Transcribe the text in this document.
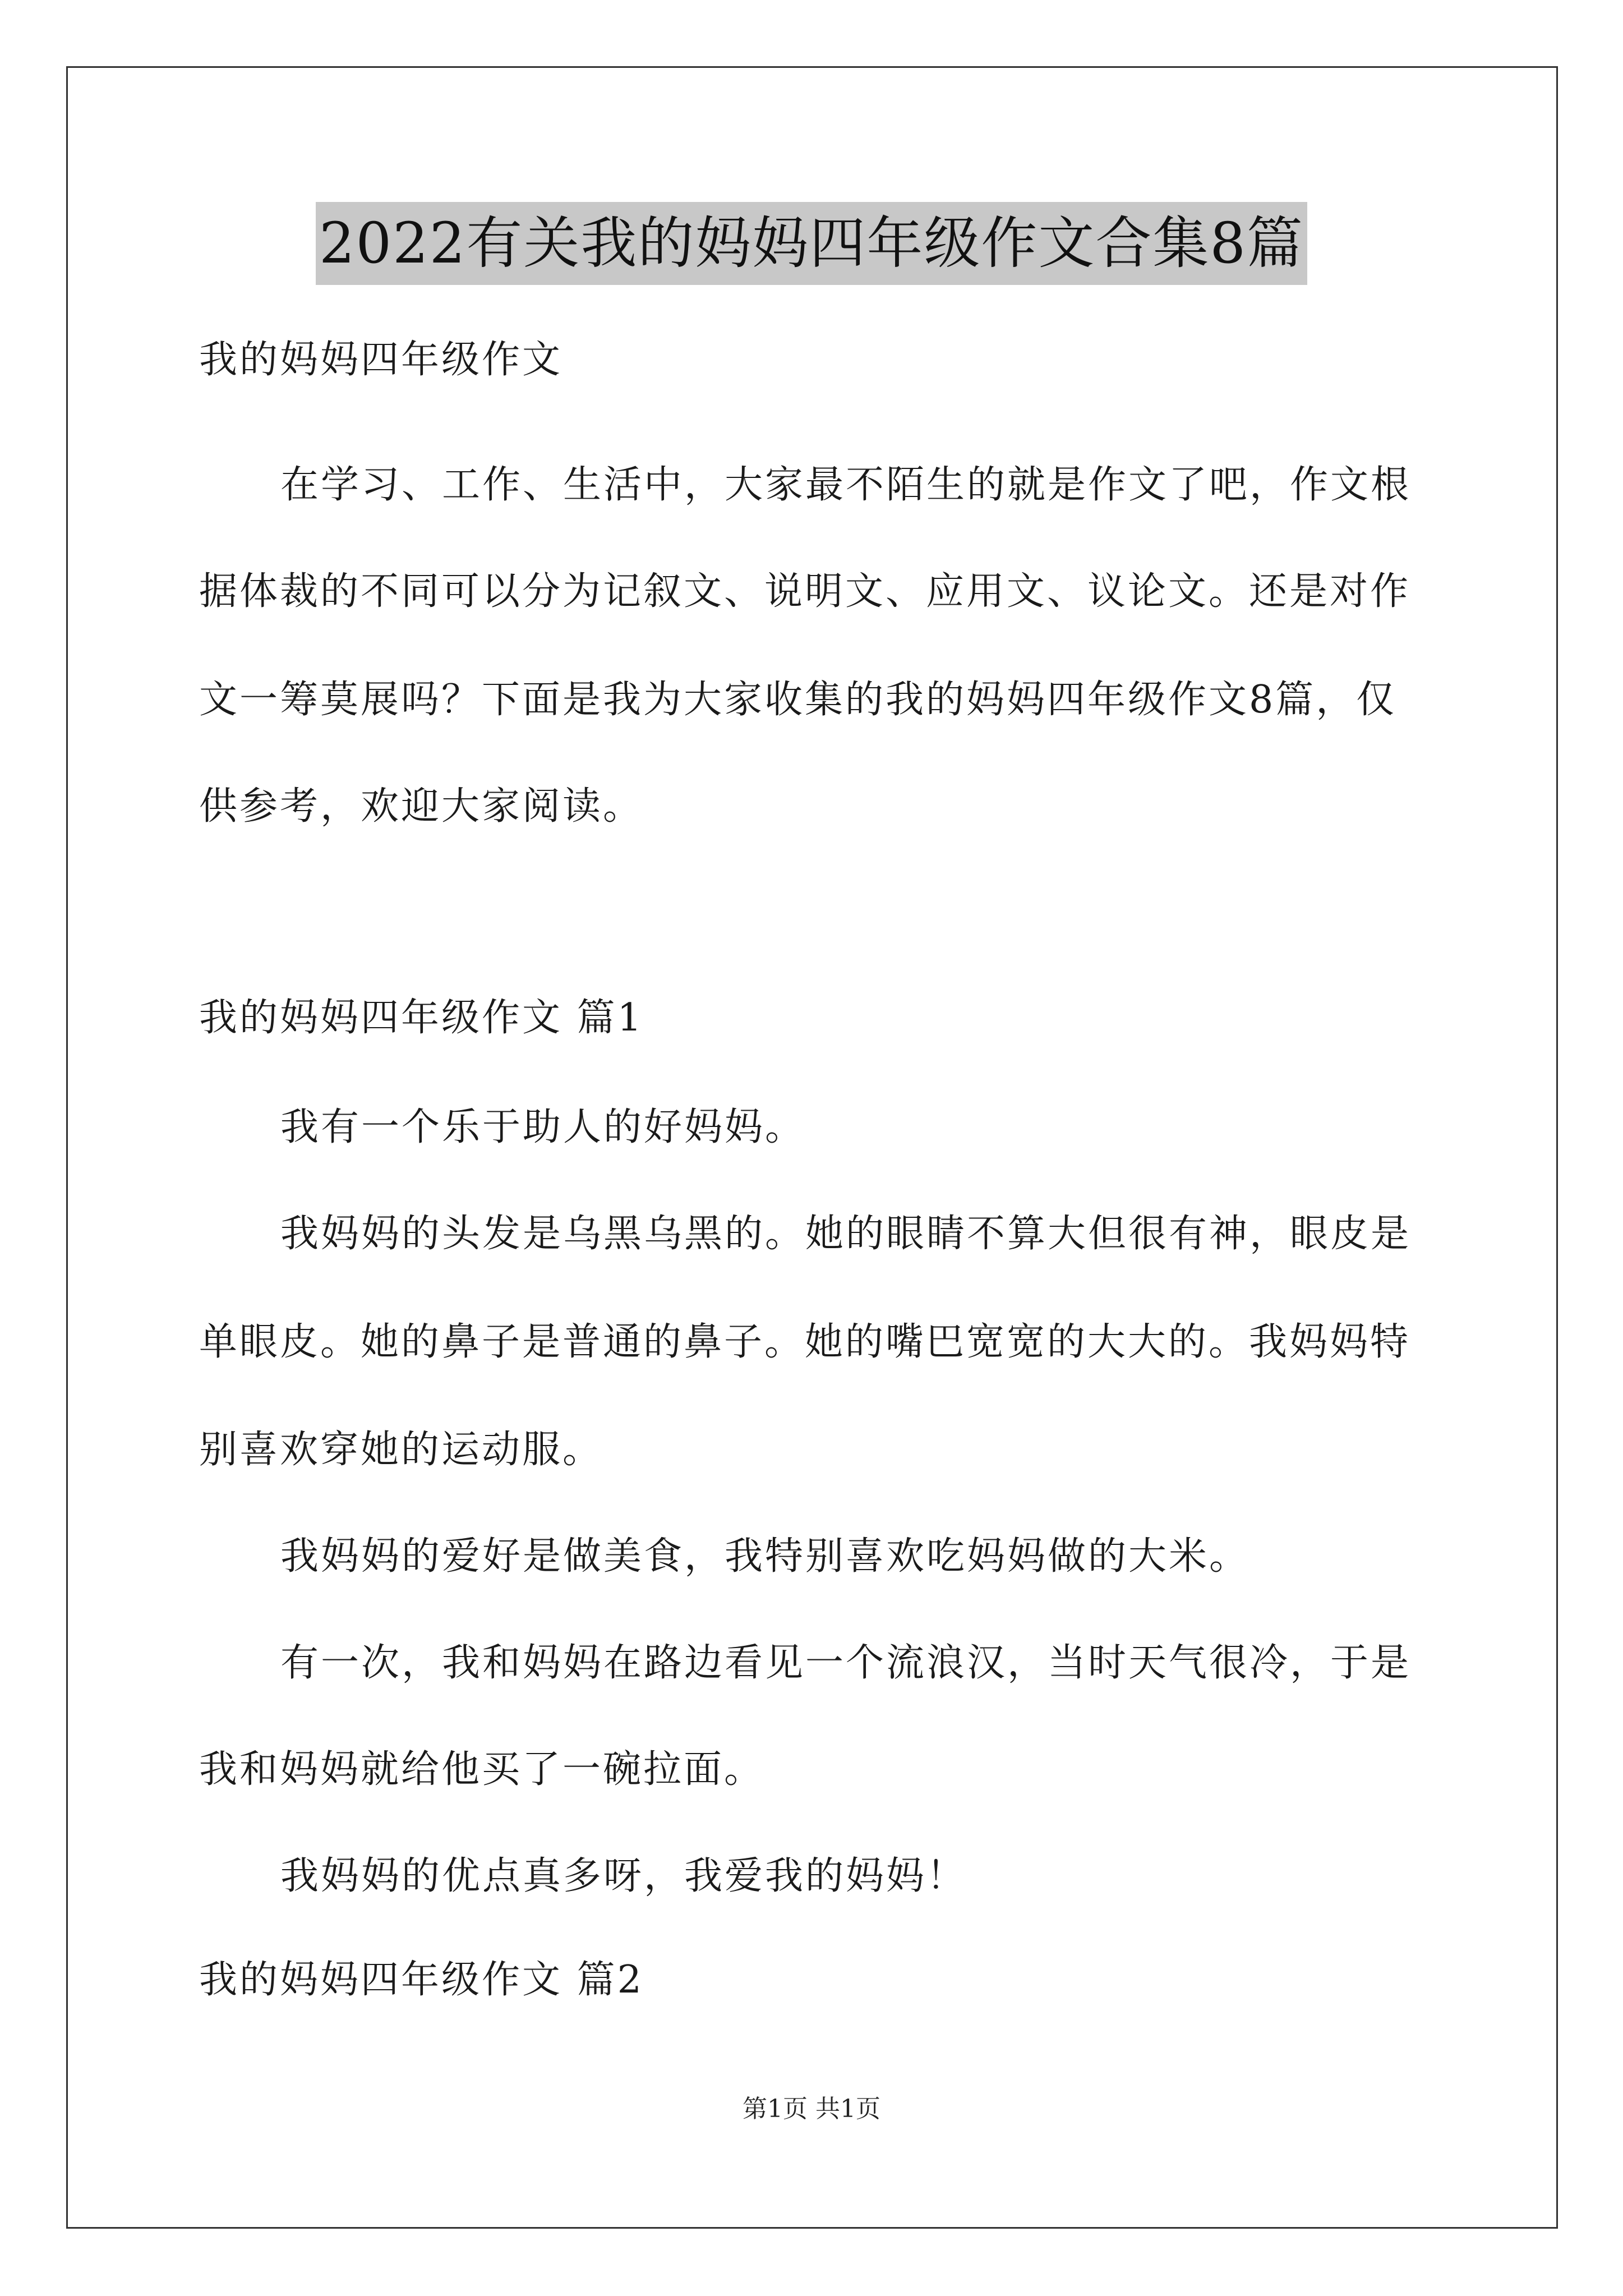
2022有关我的妈妈四年级作文合集8篇
我的妈妈四年级作文
在学习、工作、生活中，大家最不陌生的就是作文了吧，作文根
据体裁的不同可以分为记叙文、说明文、应用文、议论文。还是对作
文一筹莫展吗？下面是我为大家收集的我的妈妈四年级作文8篇，仅
供参考，欢迎大家阅读。
我的妈妈四年级作文 篇1
我有一个乐于助人的好妈妈。
我妈妈的头发是乌黑乌黑的。她的眼睛不算大但很有神，眼皮是
单眼皮。她的鼻子是普通的鼻子。她的嘴巴宽宽的大大的。我妈妈特
别喜欢穿她的运动服。
我妈妈的爱好是做美食，我特别喜欢吃妈妈做的大米。
有一次，我和妈妈在路边看见一个流浪汉，当时天气很冷，于是
我和妈妈就给他买了一碗拉面。
我妈妈的优点真多呀，我爱我的妈妈！
我的妈妈四年级作文 篇2
第1页 共1页
